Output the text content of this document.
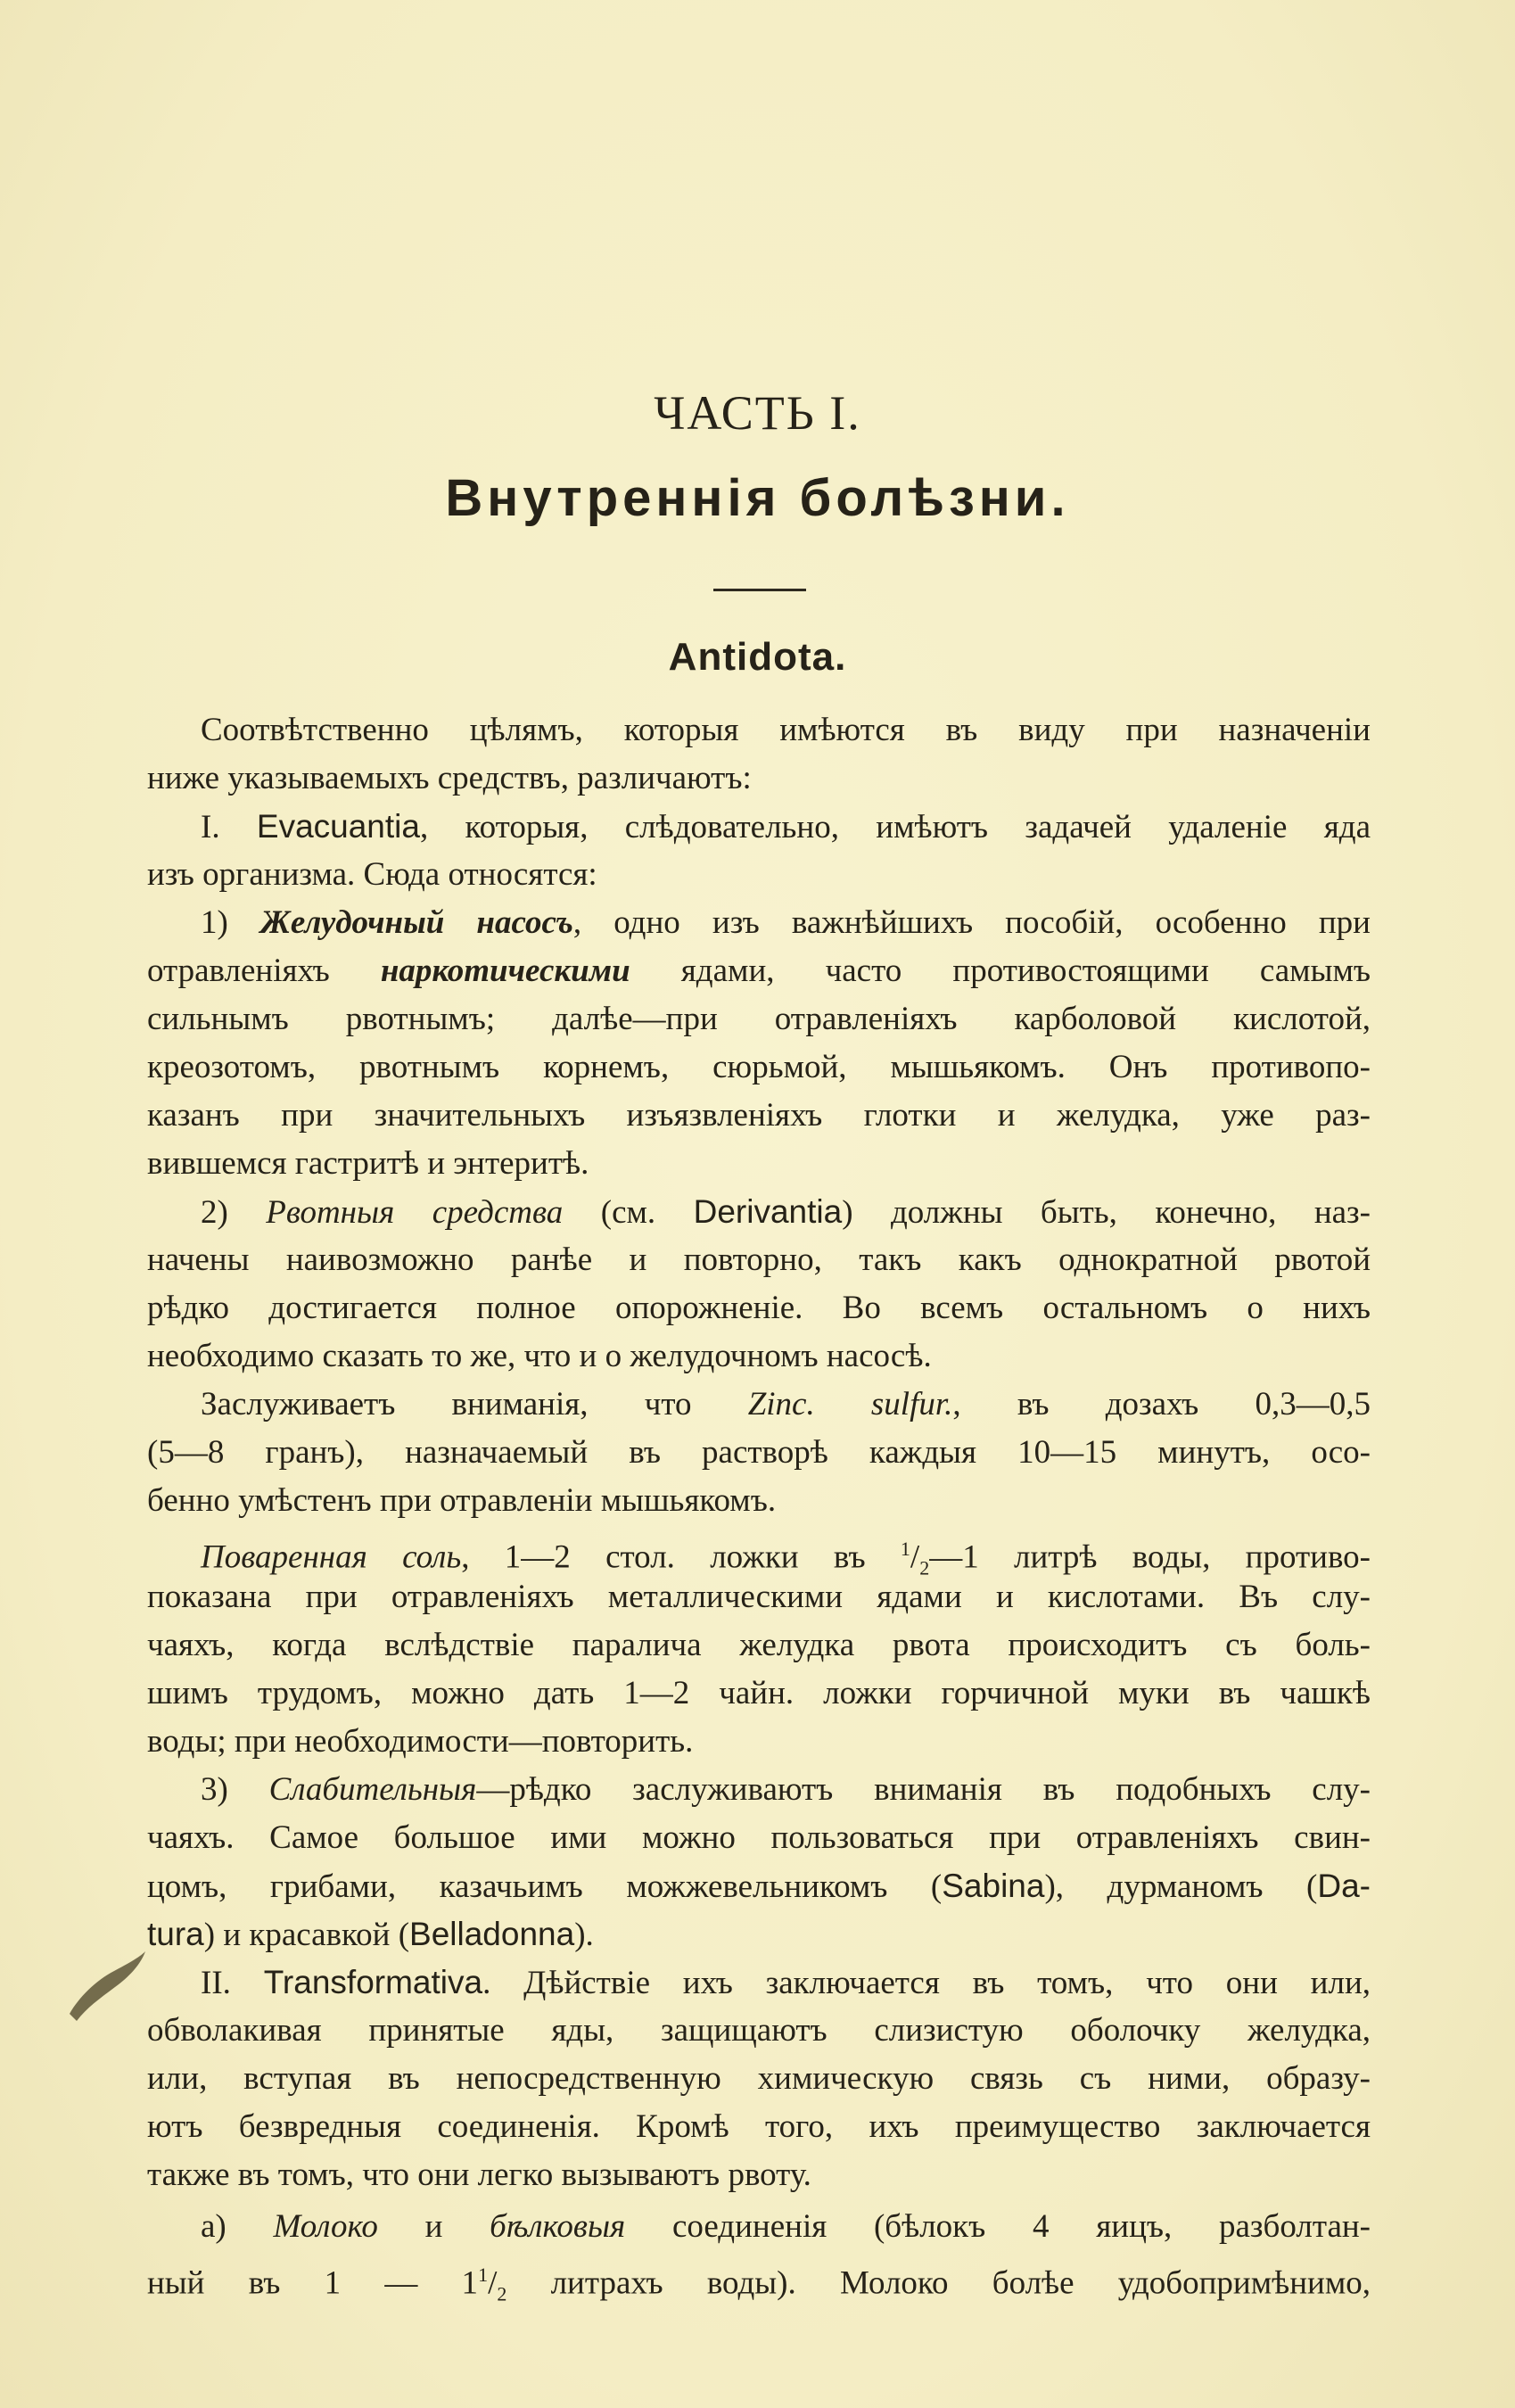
ЧАСТЬ I.
Внутреннія болѣзни.
Antidota.
Соотвѣтственно цѣлямъ, которыя имѣются въ виду при назначеніи
ниже указываемыхъ средствъ, различаютъ:
I. Evacuantia, которыя, слѣдовательно, имѣютъ задачей удаленіе яда
изъ организма. Сюда относятся:
1) Желудочный насосъ, одно изъ важнѣйшихъ пособій, особенно при
отравленіяхъ наркотическими ядами, часто противостоящими самымъ
сильнымъ рвотнымъ; далѣе—при отравленіяхъ карболовой кислотой,
креозотомъ, рвотнымъ корнемъ, сюрьмой, мышьякомъ. Онъ противопо-
казанъ при значительныхъ изъязвленіяхъ глотки и желудка, уже раз-
вившемся гастритѣ и энтеритѣ.
2) Рвотныя средства (см. Derivantia) должны быть, конечно, наз-
начены наивозможно ранѣе и повторно, такъ какъ однократной рвотой
рѣдко достигается полное опорожненіе. Во всемъ остальномъ о нихъ
необходимо сказать то же, что и о желудочномъ насосѣ.
Заслуживаетъ вниманія, что Zinc. sulfur., въ дозахъ 0,3—0,5
(5—8 гранъ), назначаемый въ растворѣ каждыя 10—15 минутъ, осо-
бенно умѣстенъ при отравленіи мышьякомъ.
Поваренная соль, 1—2 стол. ложки въ $^1/_2—1$ литрѣ воды, противо-
показана при отравленіяхъ металлическими ядами и кислотами. Въ слу-
чаяхъ, когда вслѣдствіе паралича желудка рвота происходитъ съ боль-
шимъ трудомъ, можно дать 1—2 чайн. ложки горчичной муки въ чашкѣ
воды; при необходимости—повторить.
3) Слабительныя—рѣдко заслуживаютъ вниманія въ подобныхъ слу-
чаяхъ. Самое большое ими можно пользоваться при отравленіяхъ свин-
цомъ, грибами, казачьимъ можжевельникомъ (Sabina), дурманомъ (Da-
tura) и красавкой (Belladonna).
II. Transformativa. Дѣйствіе ихъ заключается въ томъ, что они или,
обволакивая принятые яды, защищаютъ слизистую оболочку желудка,
или, вступая въ непосредственную химическую связь съ ними, образу-
ютъ безвредныя соединенія. Кромѣ того, ихъ преимущество заключается
также въ томъ, что они легко вызываютъ рвоту.
a) Молоко и бѣлковыя соединенія (бѣлокъ 4 яицъ, разболтан-
ный въ 1 — $1^1/_2$ литрахъ воды). Молоко болѣе удобопримѣнимо,
